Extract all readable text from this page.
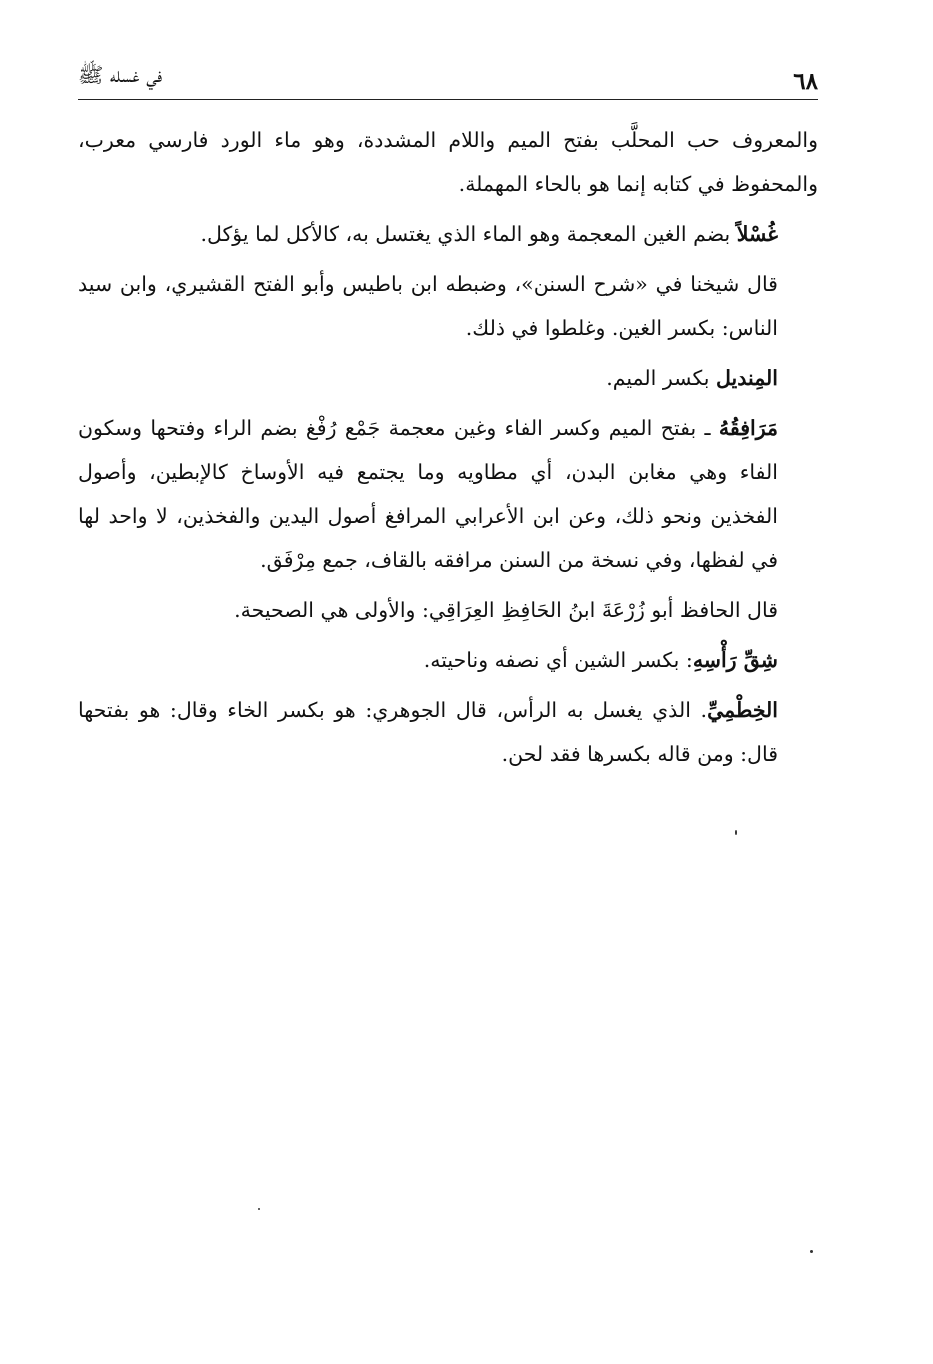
٦٨
في غسله ﷺ

والمعروف حب المحلَّب بفتح الميم واللام المشددة، وهو ماء الورد فارسي معرب، والمحفوظ في كتابه إنما هو بالحاء المهملة.

غُسْلاً بضم الغين المعجمة وهو الماء الذي يغتسل به، كالأكل لما يؤكل.

قال شيخنا في «شرح السنن»، وضبطه ابن باطيس وأبو الفتح القشيري، وابن سيد الناس: بكسر الغين. وغلطوا في ذلك.

المِنديل بكسر الميم.

مَرَافِقُهُ ـ بفتح الميم وكسر الفاء وغين معجمة جَمْع رُفْغ بضم الراء وفتحها وسكون الفاء وهي مغابن البدن، أي مطاويه وما يجتمع فيه الأوساخ كالإبطين، وأصول الفخذين ونحو ذلك، وعن ابن الأعرابي المرافغ أصول اليدين والفخذين، لا واحد لها في لفظها، وفي نسخة من السنن مرافقه بالقاف، جمع مِرْفَق.

قال الحافظ أبو زُرْعَةَ ابنُ الحَافِظِ العِرَاقِي: والأولى هي الصحيحة.

شِقِّ رَأْسِهِ: بكسر الشين أي نصفه وناحيته.

الخِطْمِيِّ. الذي يغسل به الرأس، قال الجوهري: هو بكسر الخاء وقال: هو بفتحها قال: ومن قاله بكسرها فقد لحن.
